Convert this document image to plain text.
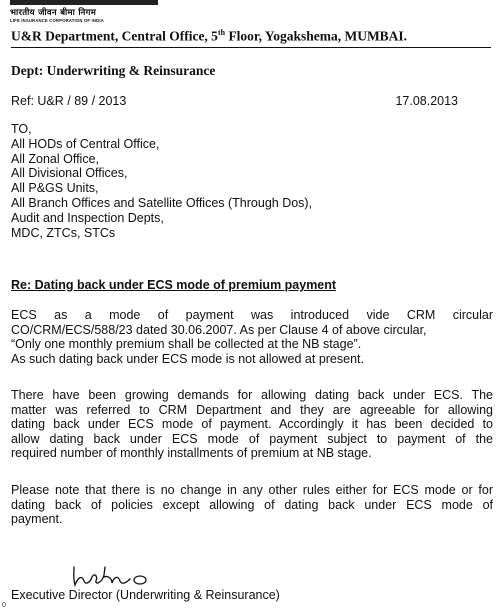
भारतीय जीवन बीमा निगम
LIFE INSURANCE CORPORATION OF INDIA
U&R Department, Central Office, 5th Floor, Yogakshema, MUMBAI.
Dept: Underwriting & Reinsurance
Ref: U&R / 89 / 2013	17.08.2013
TO,
All HODs of Central Office,
All Zonal Office,
All Divisional Offices,
All P&GS Units,
All Branch Offices and Satellite Offices (Through Dos),
Audit and Inspection Depts,
MDC, ZTCs, STCs
Re: Dating back under ECS mode of premium payment
ECS as a mode of payment was introduced vide CRM circular
CO/CRM/ECS/588/23 dated 30.06.2007. As per Clause 4 of above circular,
“Only one monthly premium shall be collected at the NB stage”.
As such dating back under ECS mode is not allowed at present.
There have been growing demands for allowing dating back under ECS. The
matter was referred to CRM Department and they are agreeable for allowing
dating back under ECS mode of payment. Accordingly it has been decided to
allow dating back under ECS mode of payment subject to payment of the
required number of monthly installments of premium at NB stage.
Please note that there is no change in any other rules either for ECS mode or for
dating back of policies except allowing of dating back under ECS mode of
payment.
Executive Director (Underwriting & Reinsurance)
0
